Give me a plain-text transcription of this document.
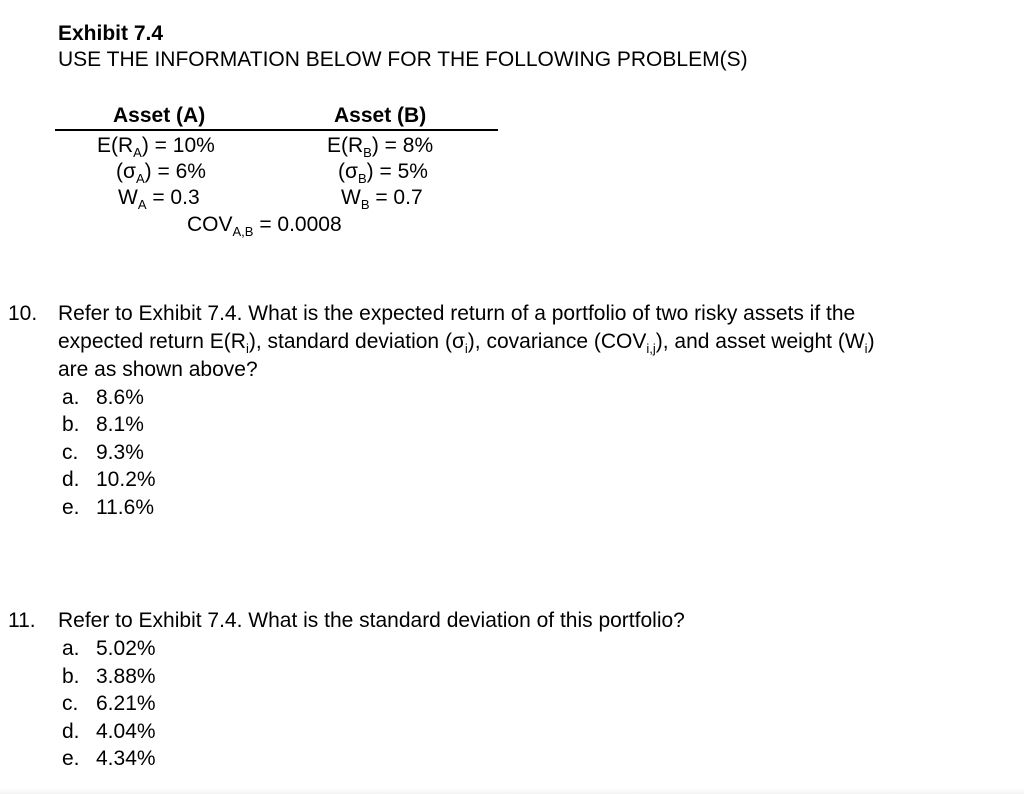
Exhibit 7.4
USE THE INFORMATION BELOW FOR THE FOLLOWING PROBLEM(S)
Asset (A)	Asset (B)
$E(R_A) = 10\%$	$E(R_B) = 8\%$
$(\sigma_A) = 6\%$	$(\sigma_B) = 5\%$
$W_A = 0.3$	$W_B = 0.7$
$COV_{A,B} = 0.0008$
10. Refer to Exhibit 7.4. What is the expected return of a portfolio of two risky assets if the
expected return $E(R_i)$, standard deviation $(\sigma_i)$, covariance $(COV_{i,j})$, and asset weight $(W_i)$
are as shown above?
a. 8.6%
b. 8.1%
c. 9.3%
d. 10.2%
e. 11.6%
11. Refer to Exhibit 7.4. What is the standard deviation of this portfolio?
a. 5.02%
b. 3.88%
c. 6.21%
d. 4.04%
e. 4.34%
